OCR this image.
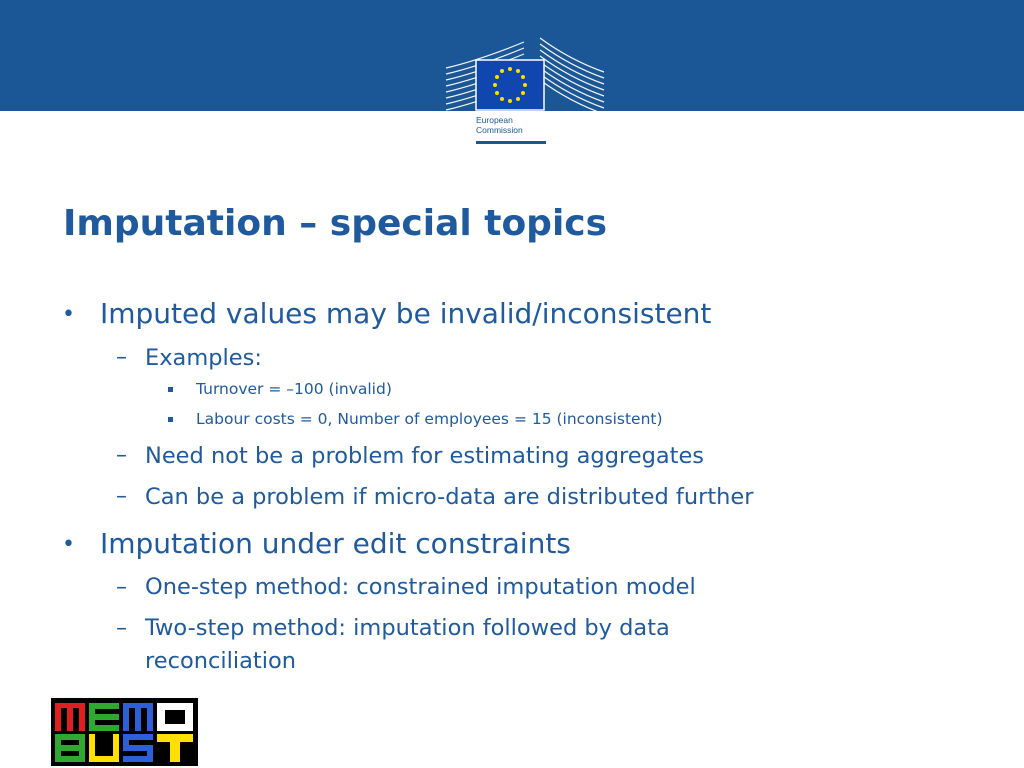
European
Commission
Imputation – special topics
• Imputed values may be invalid/inconsistent
– Examples:
Turnover = –100 (invalid)
Labour costs = 0, Number of employees = 15 (inconsistent)
– Need not be a problem for estimating aggregates
– Can be a problem if micro-data are distributed further
• Imputation under edit constraints
– One-step method: constrained imputation model
– Two-step method: imputation followed by data
reconciliation
